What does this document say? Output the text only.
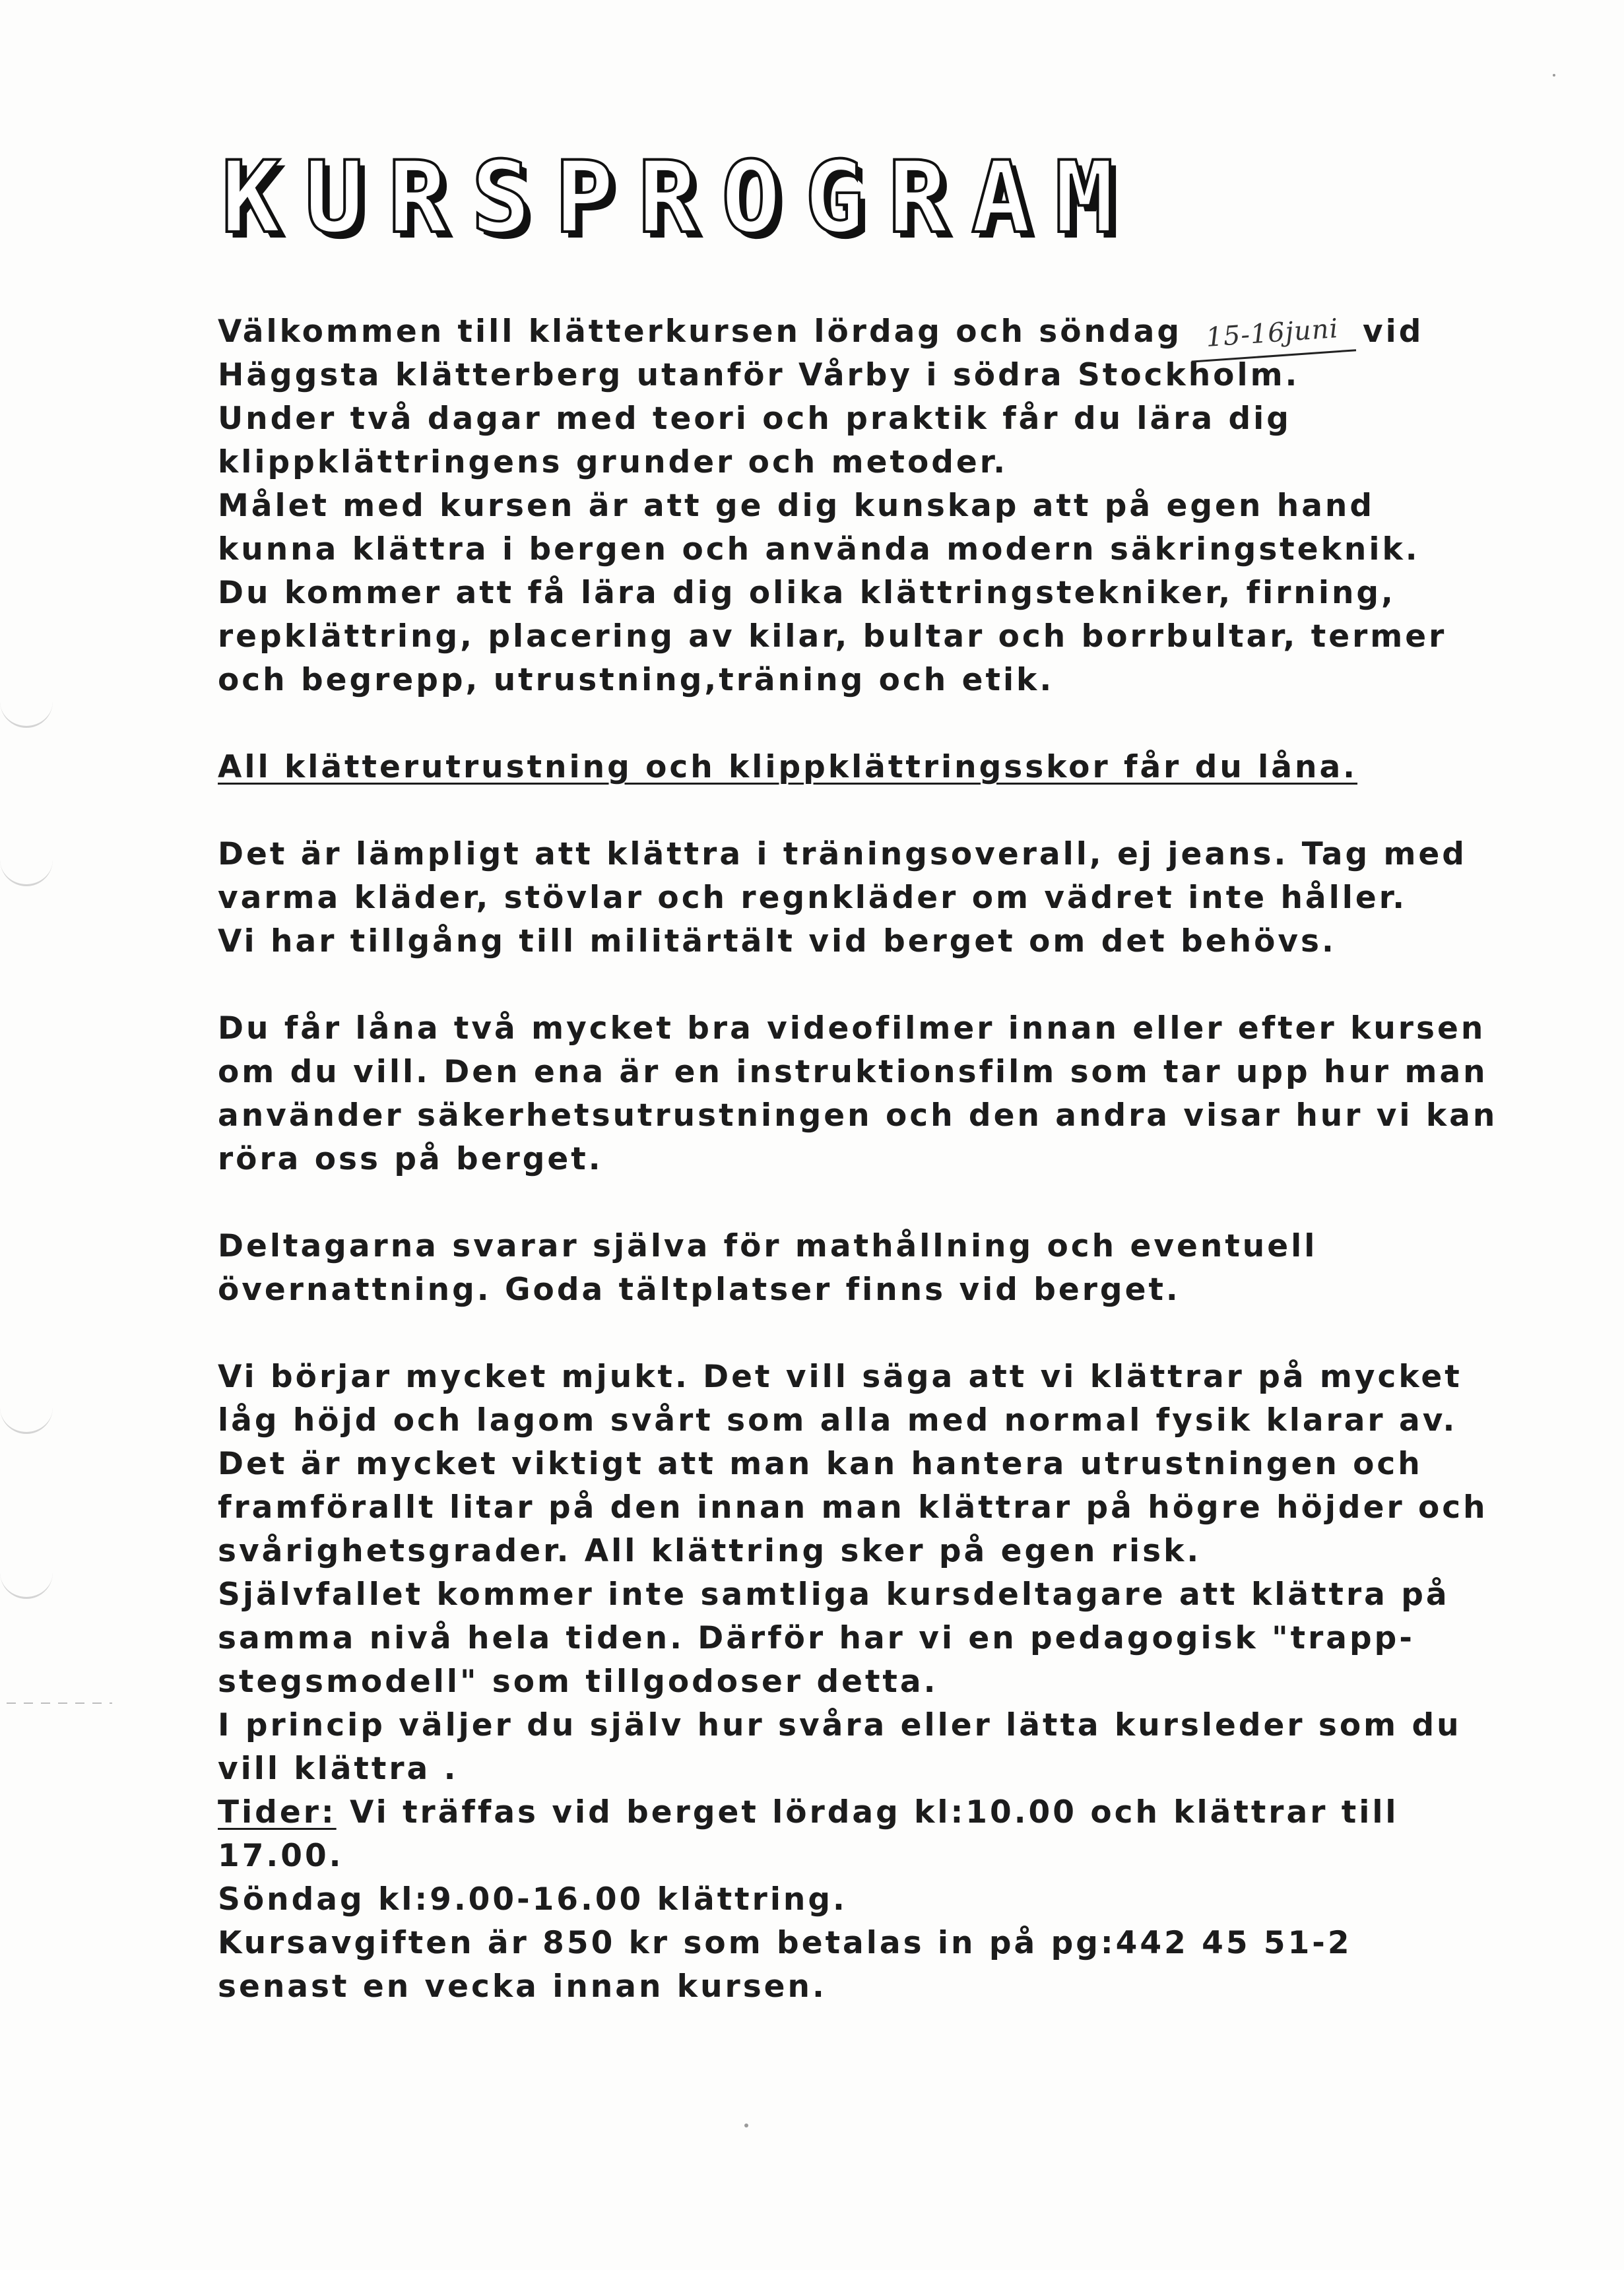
KURSPROGRAM
Välkommen till klätterkursen lördag och söndag 15-16juni vid
Häggsta klätterberg utanför Vårby i södra Stockholm.
Under två dagar med teori och praktik får du lära dig
klippklättringens grunder och metoder.
Målet med kursen är att ge dig kunskap att på egen hand
kunna klättra i bergen och använda modern säkringsteknik.
Du kommer att få lära dig olika klättringstekniker, firning,
repklättring, placering av kilar, bultar och borrbultar, termer
och begrepp, utrustning,träning och etik.
All klätterutrustning och klippklättringsskor får du låna.
Det är lämpligt att klättra i träningsoverall, ej jeans. Tag med
varma kläder, stövlar och regnkläder om vädret inte håller.
Vi har tillgång till militärtält vid berget om det behövs.
Du får låna två mycket bra videofilmer innan eller efter kursen
om du vill. Den ena är en instruktionsfilm som tar upp hur man
använder säkerhetsutrustningen och den andra visar hur vi kan
röra oss på berget.
Deltagarna svarar själva för mathållning och eventuell
övernattning. Goda tältplatser finns vid berget.
Vi börjar mycket mjukt. Det vill säga att vi klättrar på mycket
låg höjd och lagom svårt som alla med normal fysik klarar av.
Det är mycket viktigt att man kan hantera utrustningen och
framförallt litar på den innan man klättrar på högre höjder och
svårighetsgrader. All klättring sker på egen risk.
Självfallet kommer inte samtliga kursdeltagare att klättra på
samma nivå hela tiden. Därför har vi en pedagogisk "trapp-
stegsmodell" som tillgodoser detta.
I princip väljer du själv hur svåra eller lätta kursleder som du
vill klättra .
Tider: Vi träffas vid berget lördag kl:10.00 och klättrar till
17.00.
Söndag kl:9.00-16.00 klättring.
Kursavgiften är 850 kr som betalas in på pg:442 45 51-2
senast en vecka innan kursen.
